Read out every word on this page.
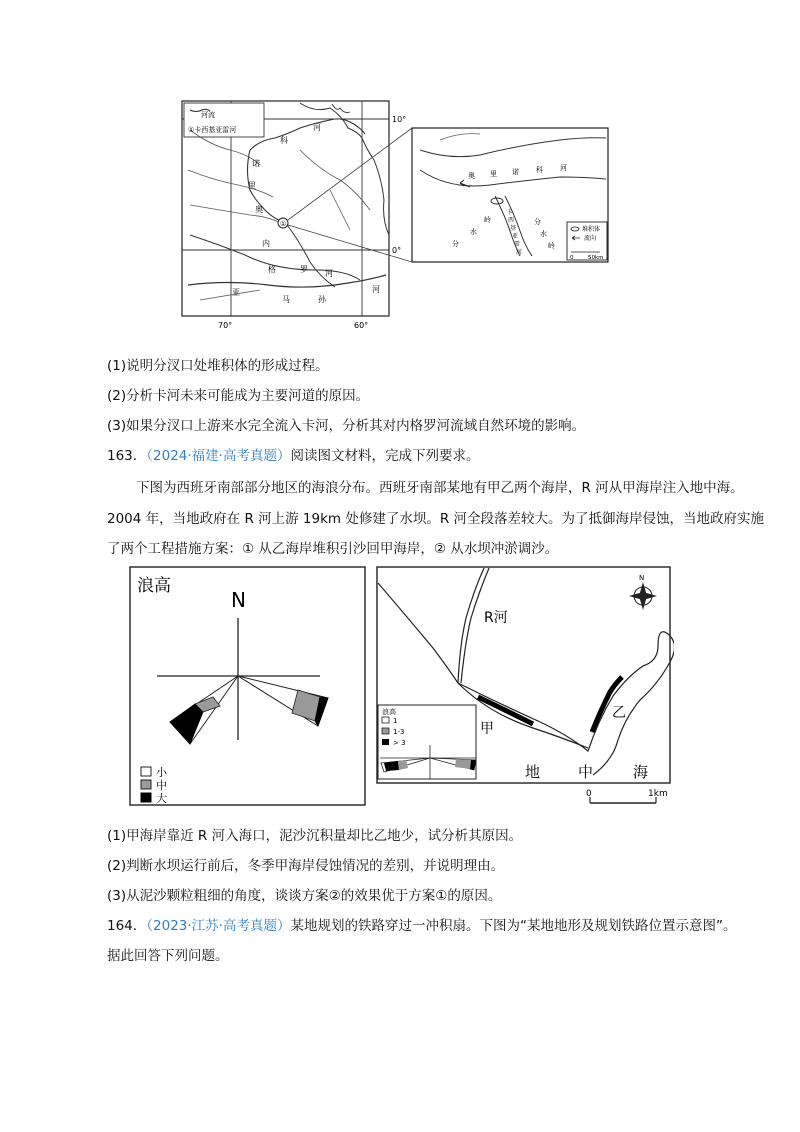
河流
①卡西基亚雷河
10°
0°
70°	60°
河
科
诺
里
奥
①
内
格	罗 河
亚
马	孙
河
奥 里 诺 科 河
分
水
岭	分
水
岭
卡
西
基
亚
雷
河
堆积体
流向
0	50km
(1)说明分汊口处堆积体的形成过程。
(2)分析卡河未来可能成为主要河道的原因。
(3)如果分汊口上游来水完全流入卡河，分析其对内格罗河流域自然环境的影响。
163．（2024·福建·高考真题）阅读图文材料，完成下列要求。
下图为西班牙南部部分地区的海浪分布。西班牙南部某地有甲乙两个海岸，R 河从甲海岸注入地中海。
2004 年，当地政府在 R 河上游 19km 处修建了水坝。R 河全段落差较大。为了抵御海岸侵蚀，当地政府实施
了两个工程措施方案：① 从乙海岸堆积引沙回甲海岸，② 从水坝冲淤调沙。
浪高
N
小
中
大
R河
甲
乙
地	中	海
N
浪高
1
1-3
> 3
0	1km
(1)甲海岸靠近 R 河入海口，泥沙沉积量却比乙地少，试分析其原因。
(2)判断水坝运行前后，冬季甲海岸侵蚀情况的差别，并说明理由。
(3)从泥沙颗粒粗细的角度，谈谈方案②的效果优于方案①的原因。
164．（2023·江苏·高考真题）某地规划的铁路穿过一冲积扇。下图为“某地地形及规划铁路位置示意图”。
据此回答下列问题。
